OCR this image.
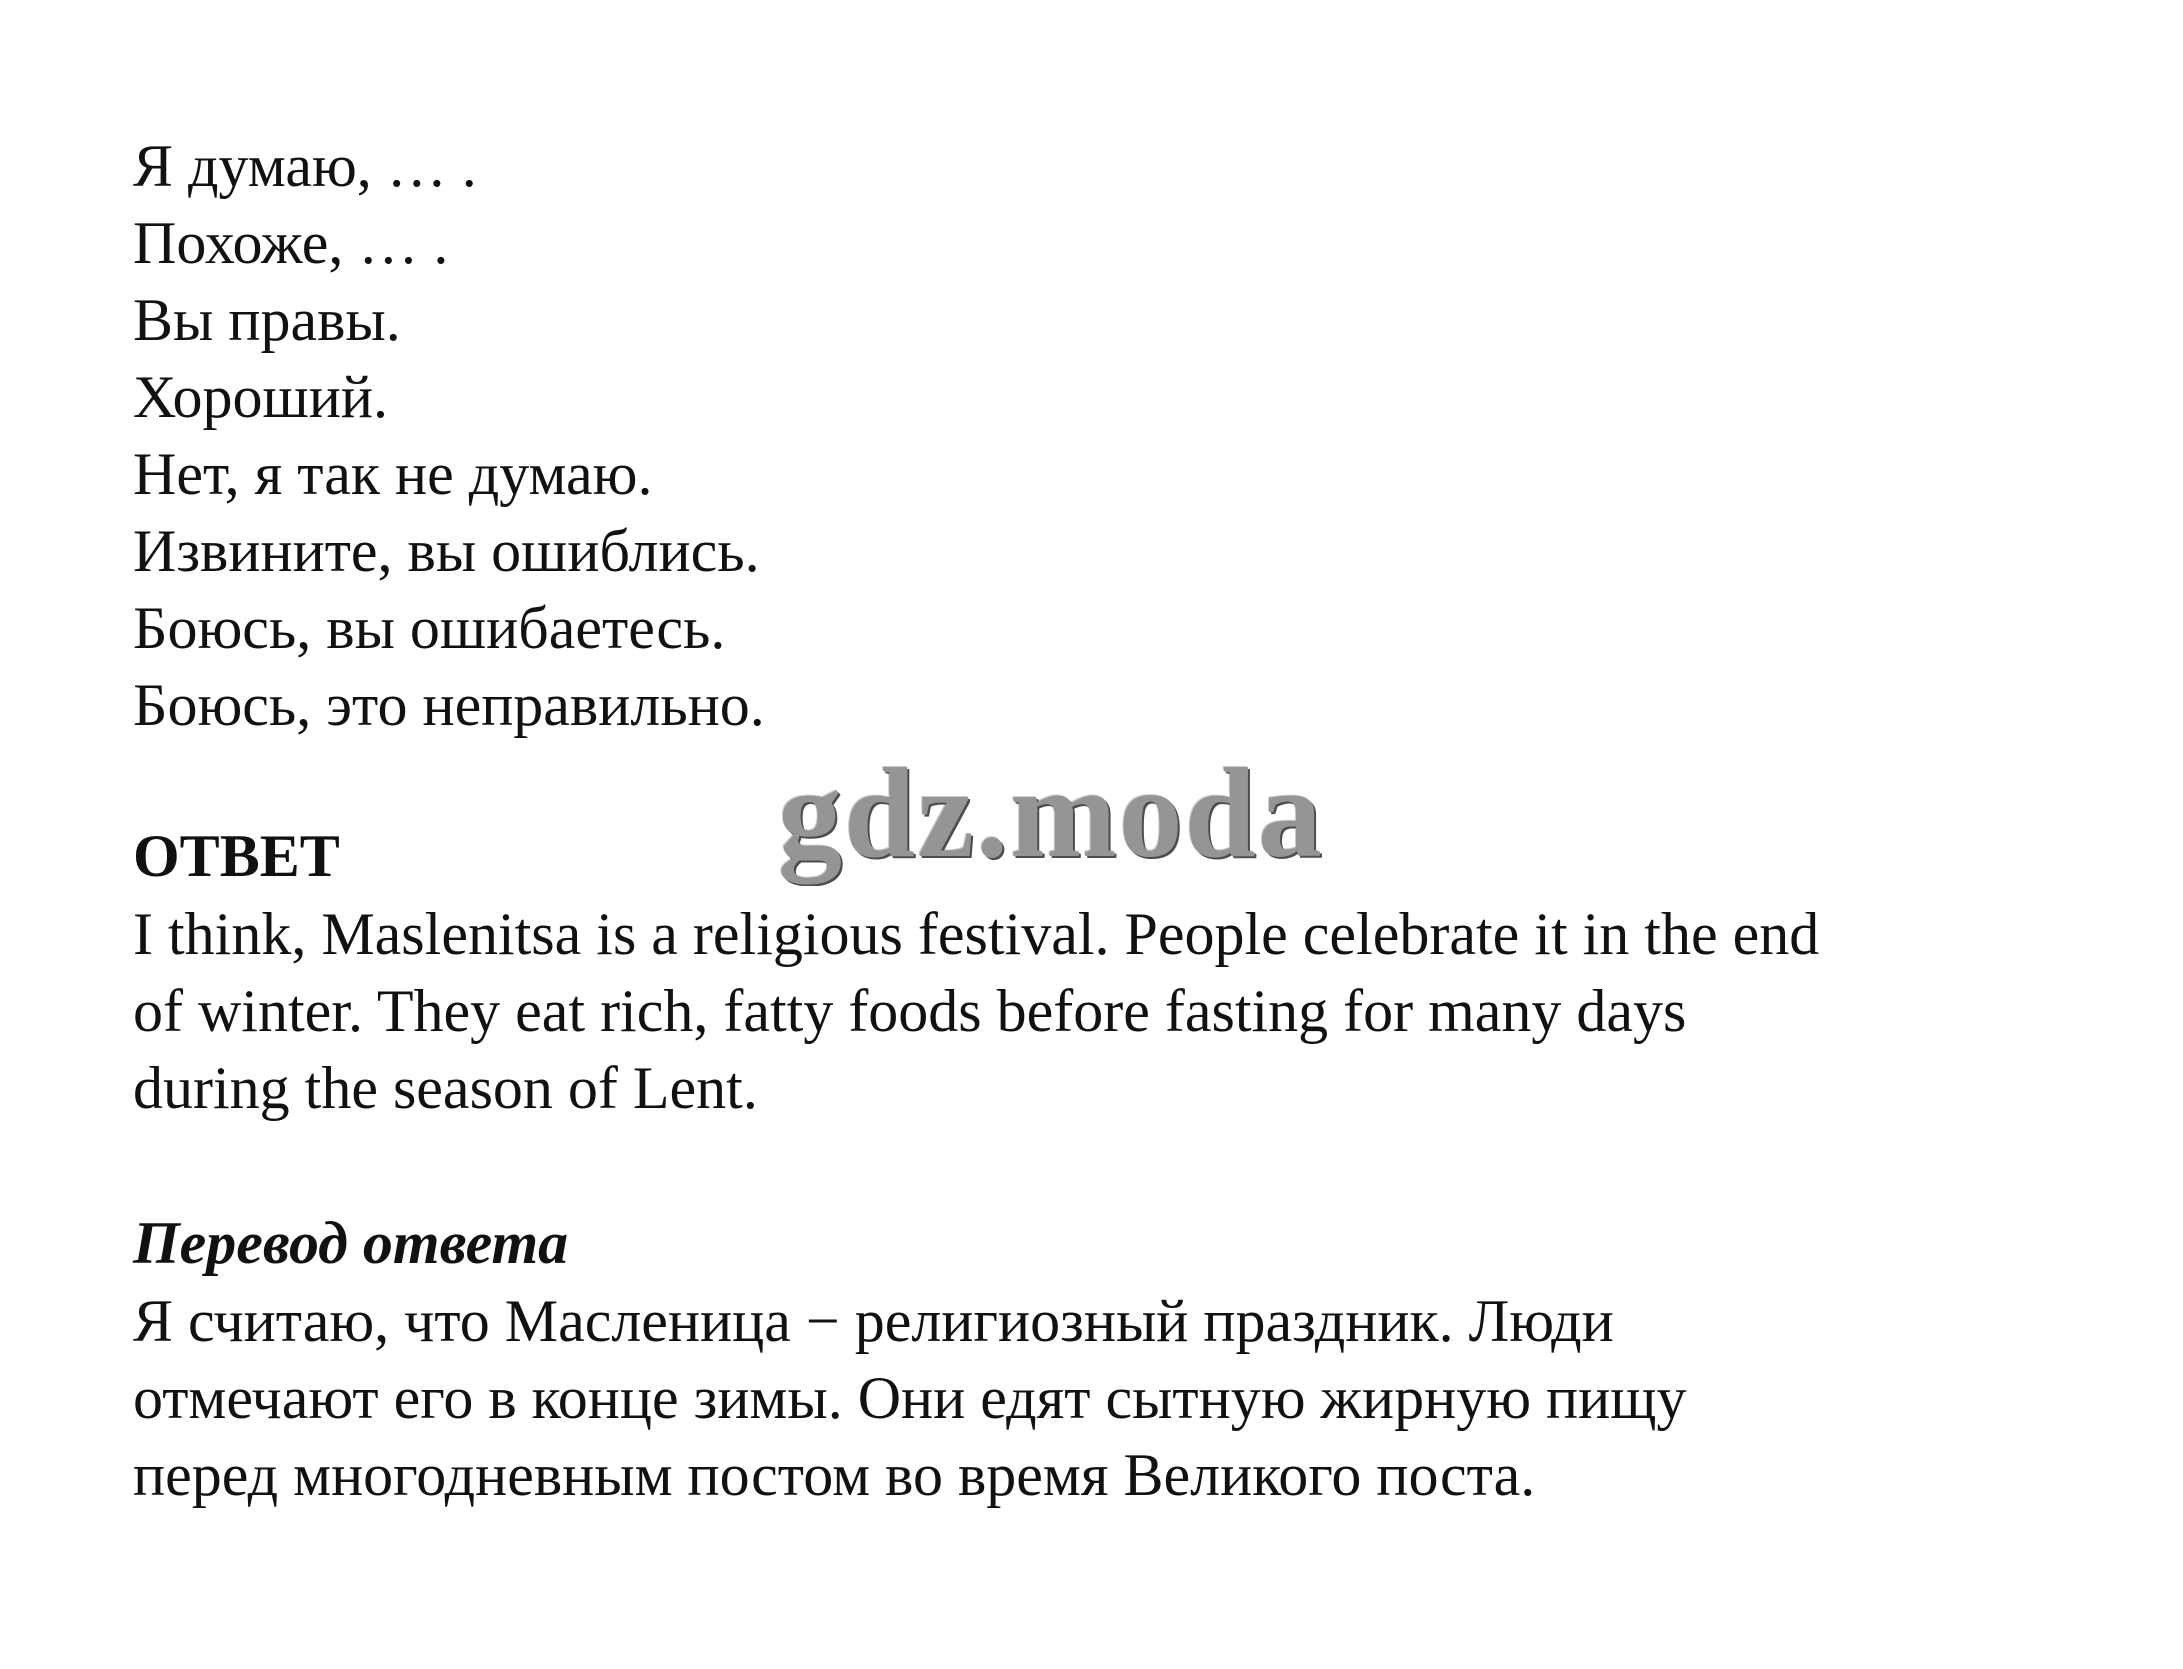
Я думаю, … .
Похоже, … .
Вы правы.
Хороший.
Нет, я так не думаю.
Извините, вы ошиблись.
Боюсь, вы ошибаетесь.
Боюсь, это неправильно.
gdz.moda
ОТВЕТ
I think, Maslenitsa is a religious festival. People celebrate it in the end
of winter. They eat rich, fatty foods before fasting for many days
during the season of Lent.
Перевод ответа
Я считаю, что Масленица − религиозный праздник. Люди
отмечают его в конце зимы. Они едят сытную жирную пищу
перед многодневным постом во время Великого поста.
